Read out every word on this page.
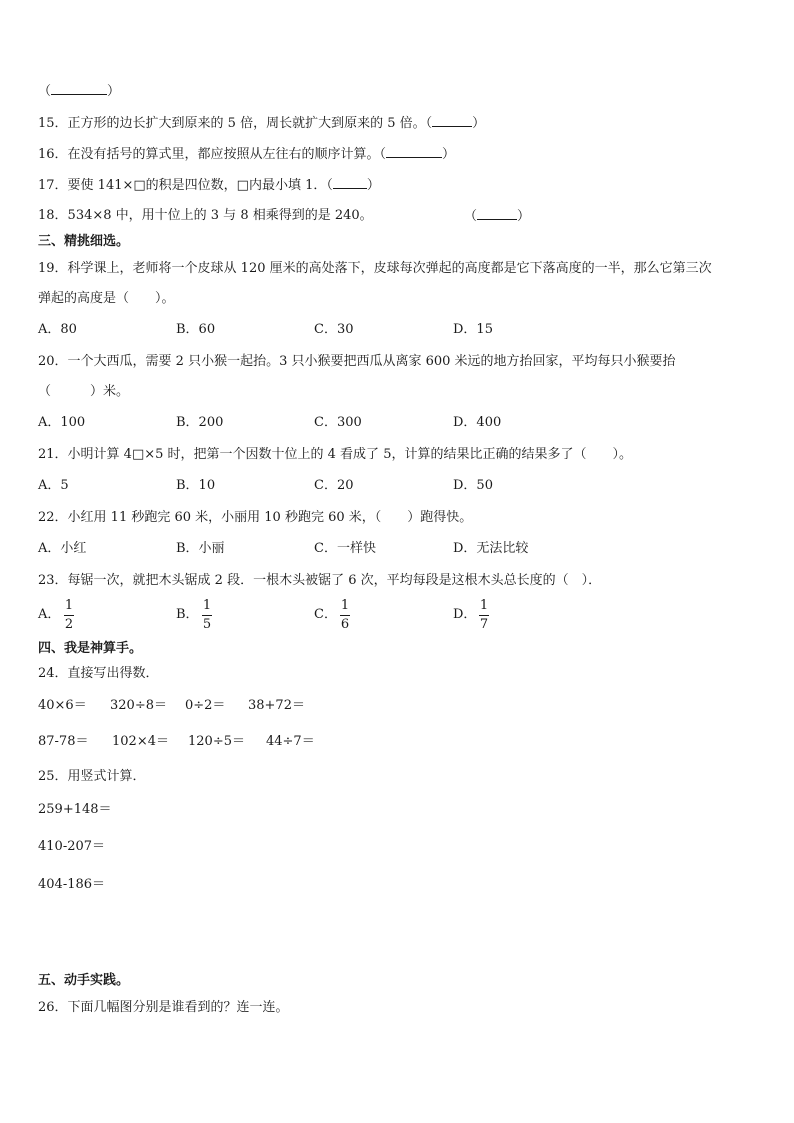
（	）
15．正方形的边长扩大到原来的 5 倍，周长就扩大到原来的 5 倍。（	）
16．在没有括号的算式里，都应按照从左往右的顺序计算。（	）
17．要使 141×□的积是四位数，□内最小填 1．（	）
18．534×8 中，用十位上的 3 与 8 相乘得到的是 240。	（	）
三、精挑细选。
19．科学课上，老师将一个皮球从 120 厘米的高处落下，皮球每次弹起的高度都是它下落高度的一半，那么它第三次
弹起的高度是（　　）。
A．80	B．60	C．30	D．15
20．一个大西瓜，需要 2 只小猴一起抬。3 只小猴要把西瓜从离家 600 米远的地方抬回家，平均每只小猴要抬
（　　　）米。
A．100	B．200	C．300	D．400
21．小明计算 4□×5 时，把第一个因数十位上的 4 看成了 5，计算的结果比正确的结果多了（　　）。
A．5	B．10	C．20	D．50
22．小红用 11 秒跑完 60 米，小丽用 10 秒跑完 60 米，（　　）跑得快。
A．小红	B．小丽	C．一样快	D．无法比较
23．每锯一次，就把木头锯成 2 段．一根木头被锯了 6 次，平均每段是这根木头总长度的（　）．
A．
1
2
B．
1
5
C．
1
6
D．
1
7
四、我是神算手。
24．直接写出得数．
40×6＝ 320÷8＝ 0÷2＝ 38+72＝
87-78＝ 102×4＝ 120÷5＝ 44÷7＝
25．用竖式计算．
259+148＝
410-207＝
404-186＝
五、动手实践。
26．下面几幅图分别是谁看到的？连一连。
